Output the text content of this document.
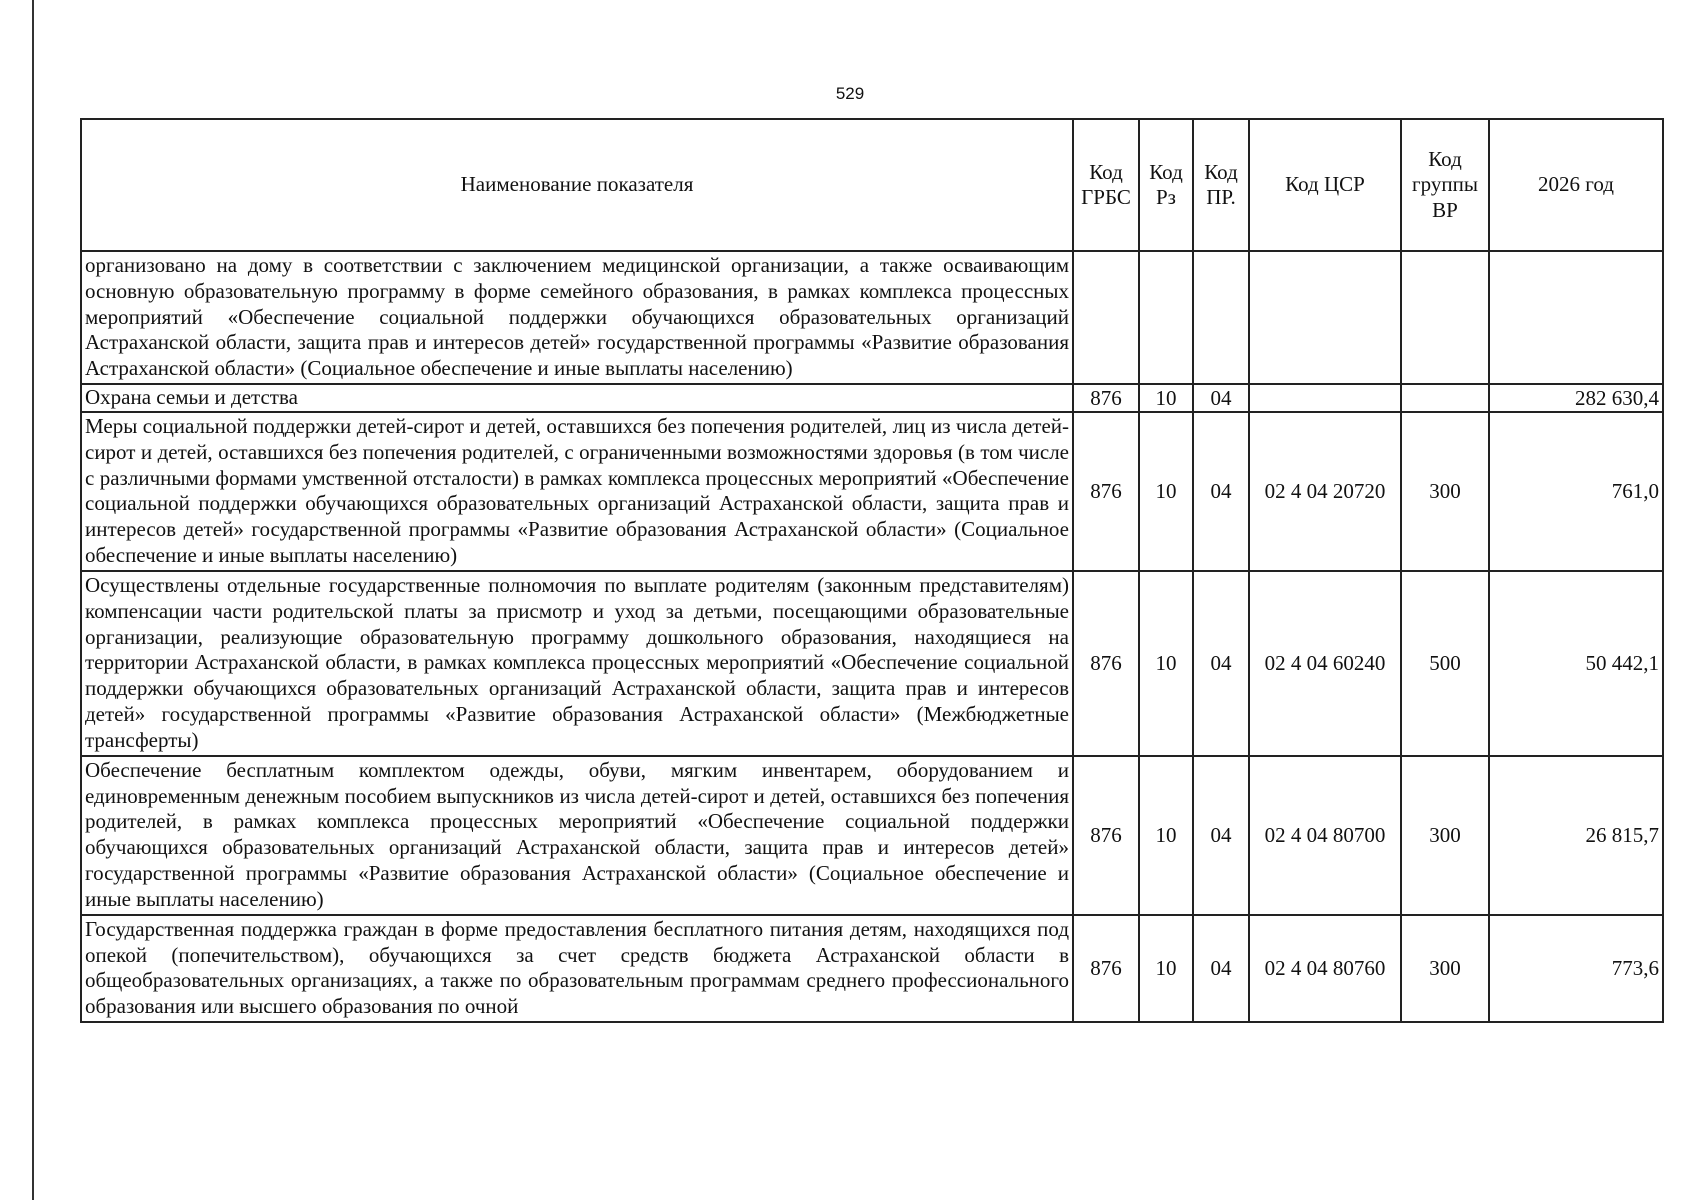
529
Наименование показателя	Код ГРБС	Код Рз	Код ПР.	Код ЦСР	Код группы ВР	2026 год
организовано на дому в соответствии с заключением медицинской организации, а также осваивающим основную образовательную программу в форме семейного образования, в рамках комплекса процессных мероприятий «Обеспечение социальной поддержки обучающихся образовательных организаций Астраханской области, защита прав и интересов детей» государственной программы «Развитие образования Астраханской области» (Социальное обеспечение и иные выплаты населению)						
Охрана семьи и детства	876	10	04			282 630,4
Меры социальной поддержки детей-сирот и детей, оставшихся без попечения родителей, лиц из числа детей-сирот и детей, оставшихся без попечения родителей, с ограниченными возможностями здоровья (в том числе с различными формами умственной отсталости) в рамках комплекса процессных мероприятий «Обеспечение социальной поддержки обучающихся образовательных организаций Астраханской области, защита прав и интересов детей» государственной программы «Развитие образования Астраханской области» (Социальное обеспечение и иные выплаты населению)	876	10	04	02 4 04 20720	300	761,0
Осуществлены отдельные государственные полномочия по выплате родителям (законным представителям) компенсации части родительской платы за присмотр и уход за детьми, посещающими образовательные организации, реализующие образовательную программу дошкольного образования, находящиеся на территории Астраханской области, в рамках комплекса процессных мероприятий «Обеспечение социальной поддержки обучающихся образовательных организаций Астраханской области, защита прав и интересов детей» государственной программы «Развитие образования Астраханской области» (Межбюджетные трансферты)	876	10	04	02 4 04 60240	500	50 442,1
Обеспечение бесплатным комплектом одежды, обуви, мягким инвентарем, оборудованием и единовременным денежным пособием выпускников из числа детей-сирот и детей, оставшихся без попечения родителей, в рамках комплекса процессных мероприятий «Обеспечение социальной поддержки обучающихся образовательных организаций Астраханской области, защита прав и интересов детей» государственной программы «Развитие образования Астраханской области» (Социальное обеспечение и иные выплаты населению)	876	10	04	02 4 04 80700	300	26 815,7
Государственная поддержка граждан в форме предоставления бесплатного питания детям, находящихся под опекой (попечительством), обучающихся за счет средств бюджета Астраханской области в общеобразовательных организациях, а также по образовательным программам среднего профессионального образования или высшего образования по очной	876	10	04	02 4 04 80760	300	773,6
